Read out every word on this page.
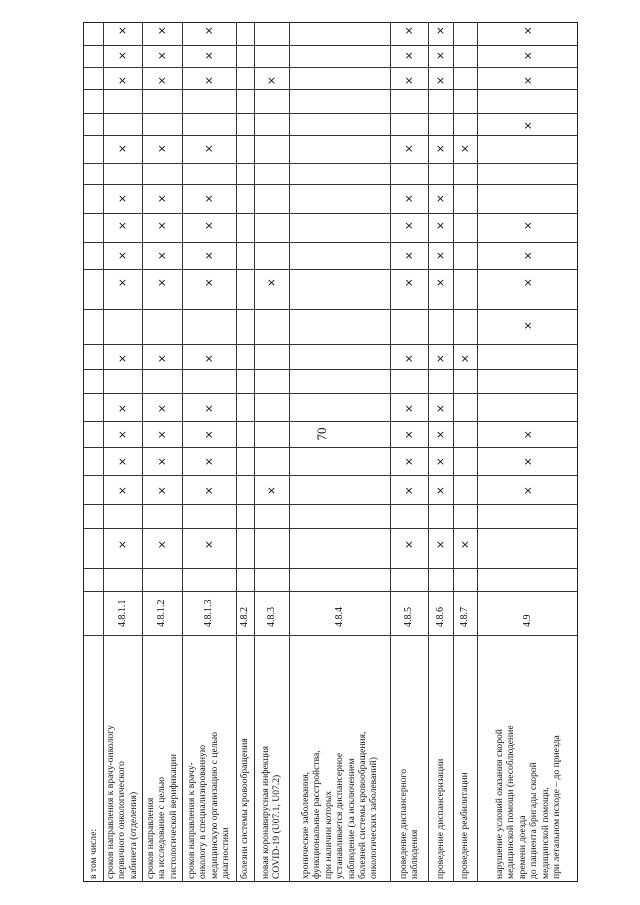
70
в том числе: сроков направления к врачу-онкологу
первичного онкологического
кабинета (отделения)
4.8.1.1
×
×
×
×
×
×
×
×
×
×
×
×
×
×
сроков направления
на исследование с целью
гистологической верификации
4.8.1.2
×
×
×
×
×
×
×
×
×
×
×
×
×
×
сроков направления к врачу-
онкологу в специализированную
медицинскую организацию с целью
диагностики
4.8.1.3
×
×
×
×
×
×
×
×
×
×
×
×
×
×
болезни системы кровообращения
4.8.2
новая коронавирусная инфекция
COVID-19 (U07.1, U07.2)
4.8.3
×
×
×
хронические заболевания,
функциональные расстройства,
при наличии которых
устанавливается диспансерное
наблюдение (за исключением
болезней системы кровообращения,
онкологических заболеваний)
4.8.4
проведение диспансерного
наблюдения
4.8.5
×
×
×
×
×
×
×
×
×
×
×
×
×
×
проведение диспансеризации
4.8.6
×
×
×
×
×
×
×
×
×
×
×
×
×
×
проведение реабилитации
4.8.7
×
×
×
нарушение условий оказания скорой
медицинской помощи (несоблюдение
времени доезда
до пациента бригады скорой
медицинской помощи,
при летальном исходе – до приезда
4.9
×
×
×
×
×
×
×
×
×
×
×
